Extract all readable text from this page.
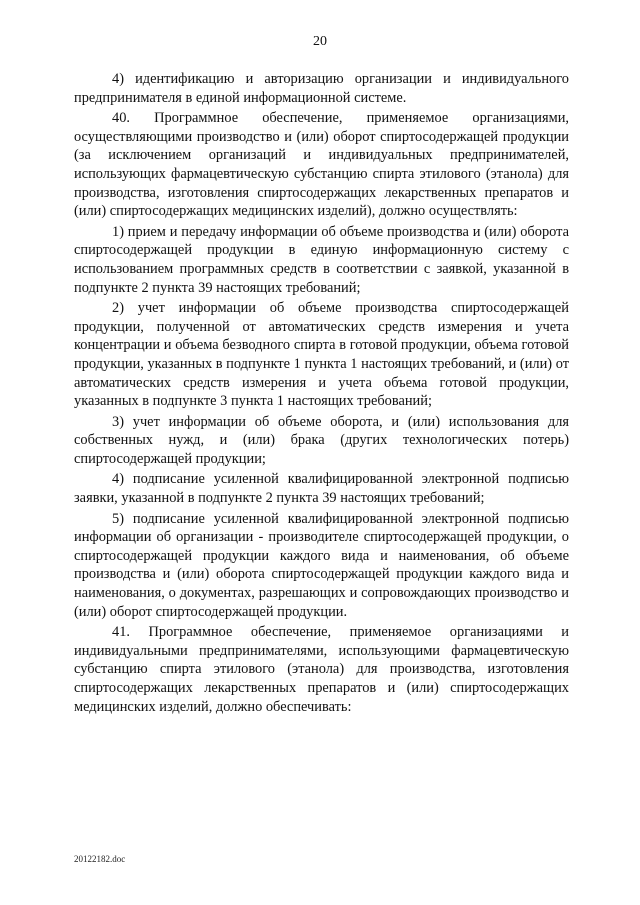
20

4) идентификацию и авторизацию организации и индивидуального предпринимателя в единой информационной системе.

40. Программное обеспечение, применяемое организациями, осуществляющими производство и (или) оборот спиртосодержащей продукции (за исключением организаций и индивидуальных предпринимателей, использующих фармацевтическую субстанцию спирта этилового (этанола) для производства, изготовления спиртосодержащих лекарственных препаратов и (или) спиртосодержащих медицинских изделий), должно осуществлять:

1) прием и передачу информации об объеме производства и (или) оборота спиртосодержащей продукции в единую информационную систему с использованием программных средств в соответствии с заявкой, указанной в подпункте 2 пункта 39 настоящих требований;

2) учет информации об объеме производства спиртосодержащей продукции, полученной от автоматических средств измерения и учета концентрации и объема безводного спирта в готовой продукции, объема готовой продукции, указанных в подпункте 1 пункта 1 настоящих требований, и (или) от автоматических средств измерения и учета объема готовой продукции, указанных в подпункте 3 пункта 1 настоящих требований;

3) учет информации об объеме оборота, и (или) использования для собственных нужд, и (или) брака (других технологических потерь) спиртосодержащей продукции;

4) подписание усиленной квалифицированной электронной подписью заявки, указанной в подпункте 2 пункта 39 настоящих требований;

5) подписание усиленной квалифицированной электронной подписью информации об организации - производителе спиртосодержащей продукции, о спиртосодержащей продукции каждого вида и наименования, об объеме производства и (или) оборота спиртосодержащей продукции каждого вида и наименования, о документах, разрешающих и сопровождающих производство и (или) оборот спиртосодержащей продукции.

41. Программное обеспечение, применяемое организациями и индивидуальными предпринимателями, использующими фармацевтическую субстанцию спирта этилового (этанола) для производства, изготовления спиртосодержащих лекарственных препаратов и (или) спиртосодержащих медицинских изделий, должно обеспечивать:

20122182.doc
